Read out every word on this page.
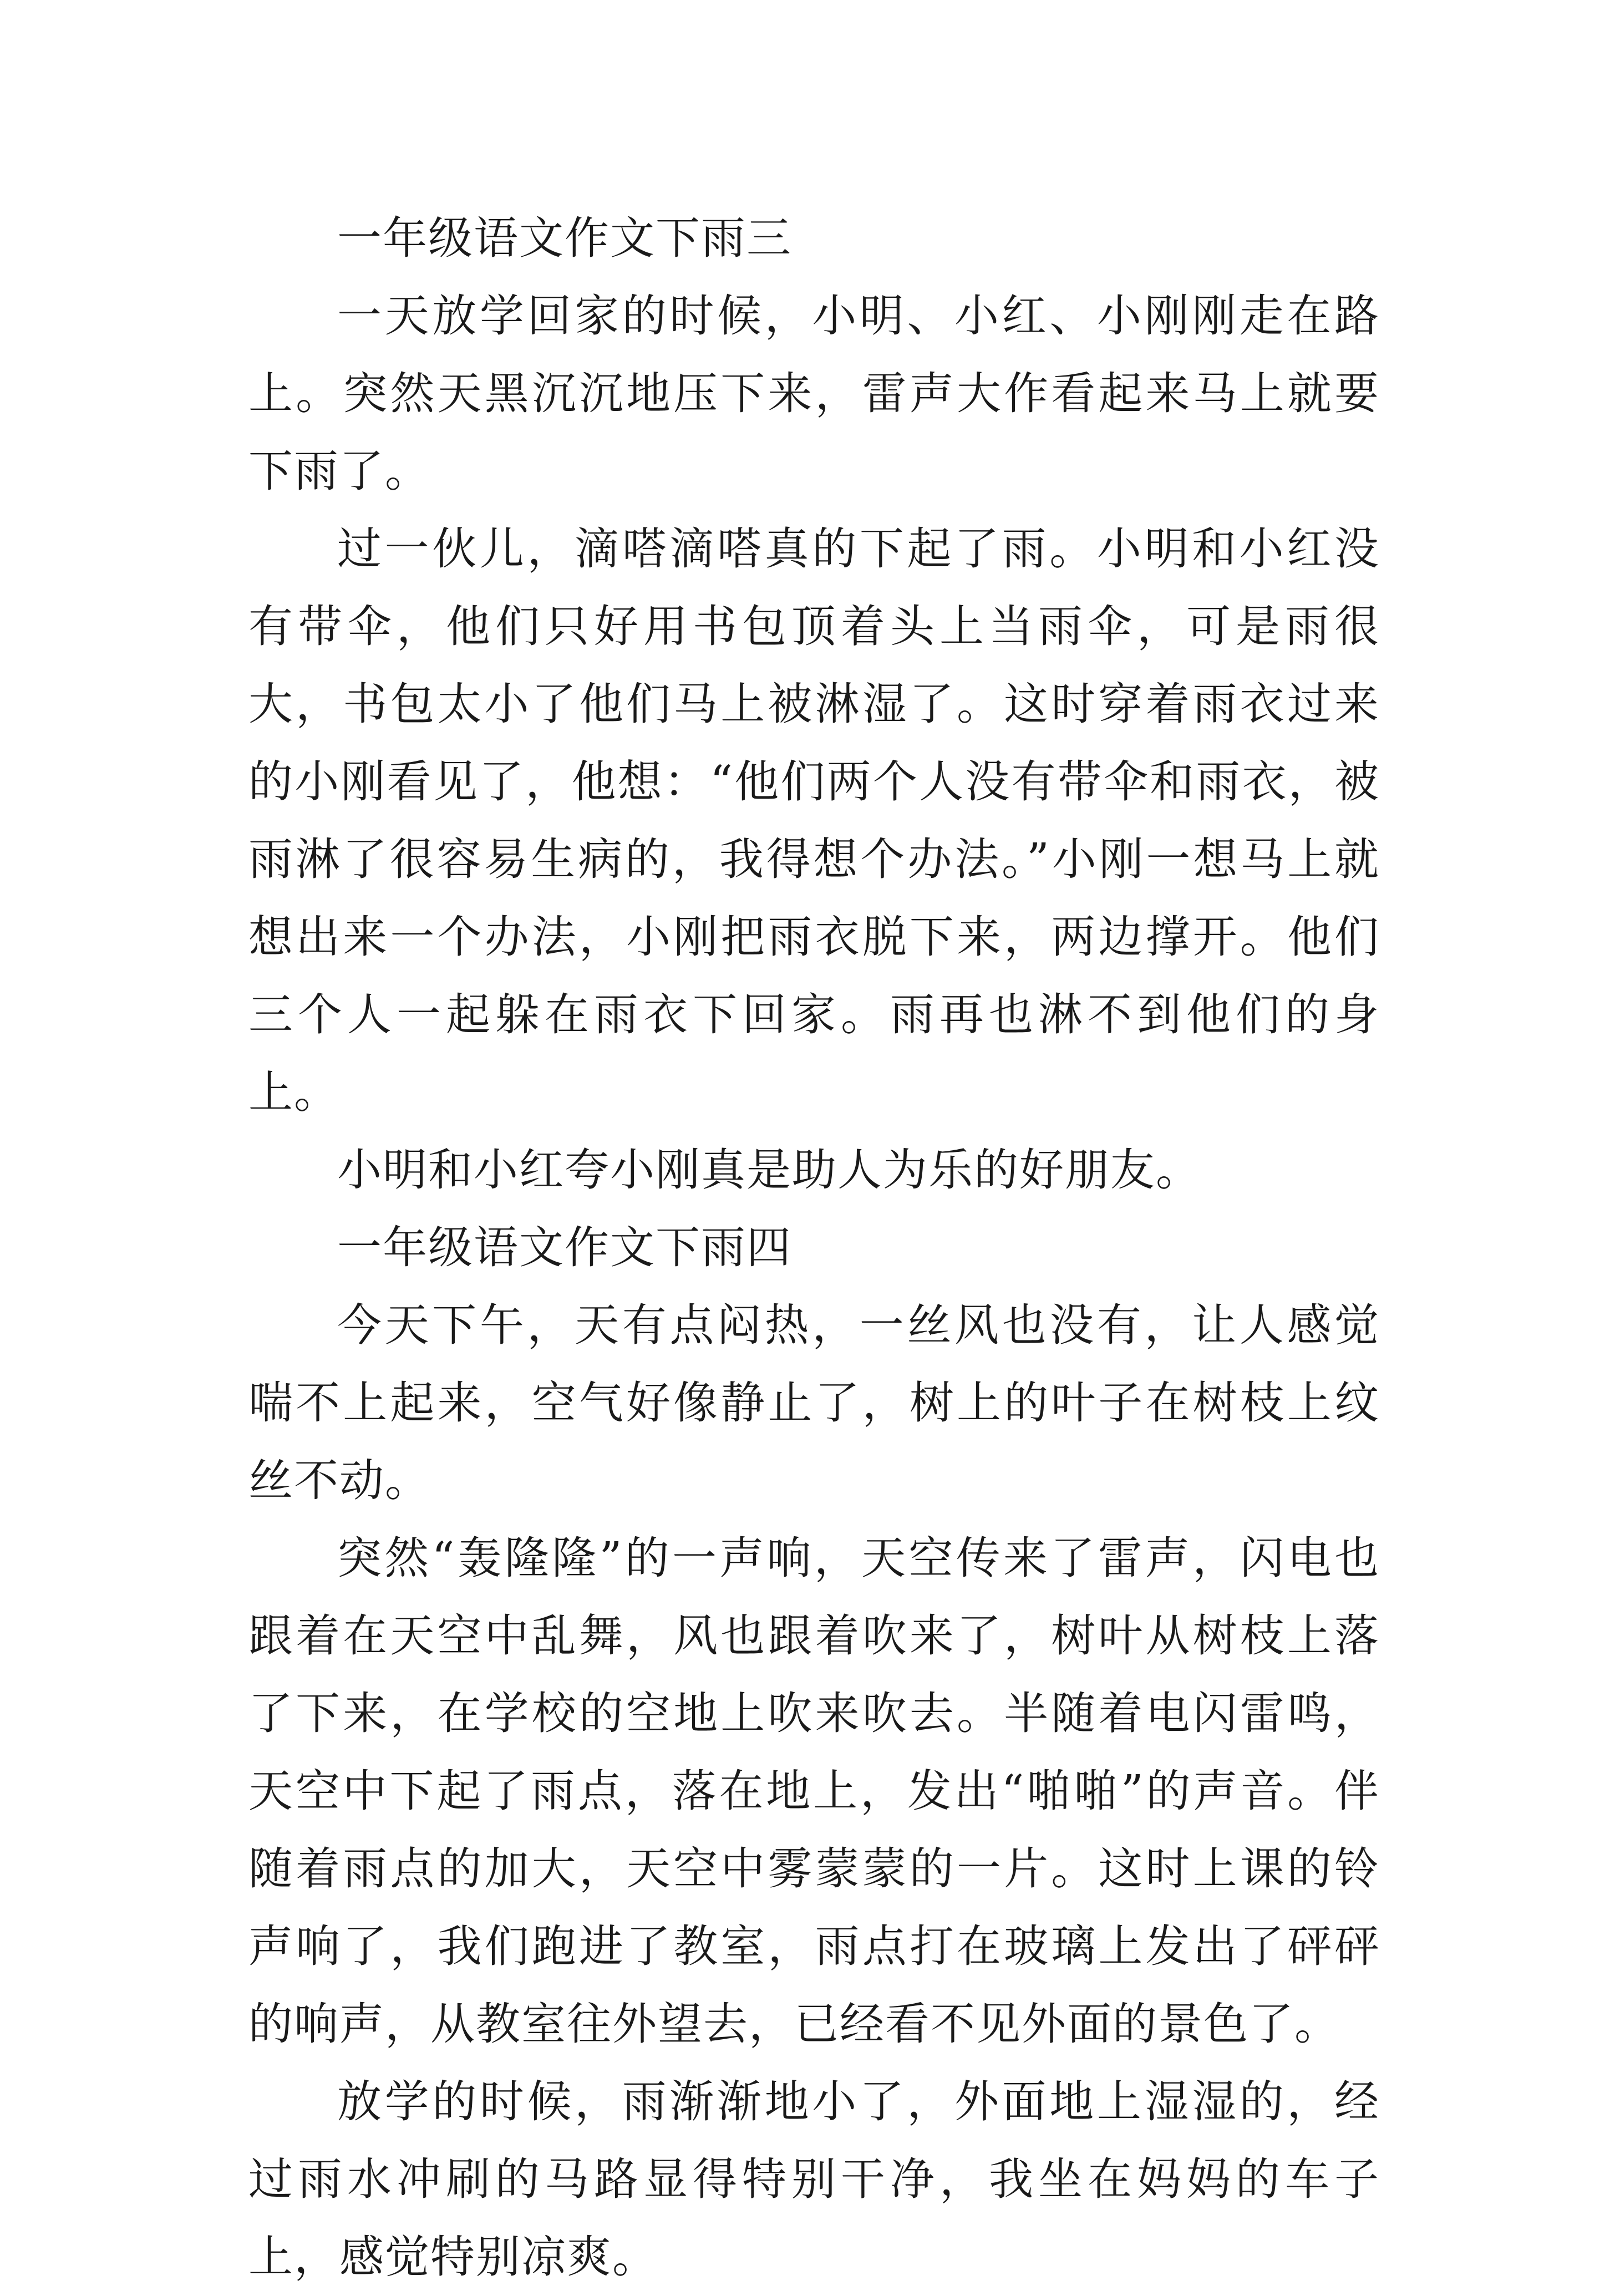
一年级语文作文下雨三

一天放学回家的时候，小明、小红、小刚刚走在路上。突然天黑沉沉地压下来，雷声大作看起来马上就要下雨了。

过一伙儿，滴嗒滴嗒真的下起了雨。小明和小红没有带伞，他们只好用书包顶着头上当雨伞，可是雨很大，书包太小了他们马上被淋湿了。这时穿着雨衣过来的小刚看见了，他想：“他们两个人没有带伞和雨衣，被雨淋了很容易生病的，我得想个办法。”小刚一想马上就想出来一个办法，小刚把雨衣脱下来，两边撑开。他们三个人一起躲在雨衣下回家。雨再也淋不到他们的身上。

小明和小红夸小刚真是助人为乐的好朋友。

一年级语文作文下雨四

今天下午，天有点闷热，一丝风也没有，让人感觉喘不上起来，空气好像静止了，树上的叶子在树枝上纹丝不动。

突然“轰隆隆”的一声响，天空传来了雷声，闪电也跟着在天空中乱舞，风也跟着吹来了，树叶从树枝上落了下来，在学校的空地上吹来吹去。半随着电闪雷鸣，天空中下起了雨点，落在地上，发出“啪啪”的声音。伴随着雨点的加大，天空中雾蒙蒙的一片。这时上课的铃声响了，我们跑进了教室，雨点打在玻璃上发出了砰砰的响声，从教室往外望去，已经看不见外面的景色了。

放学的时候，雨渐渐地小了，外面地上湿湿的，经过雨水冲刷的马路显得特别干净，我坐在妈妈的车子上，感觉特别凉爽。
